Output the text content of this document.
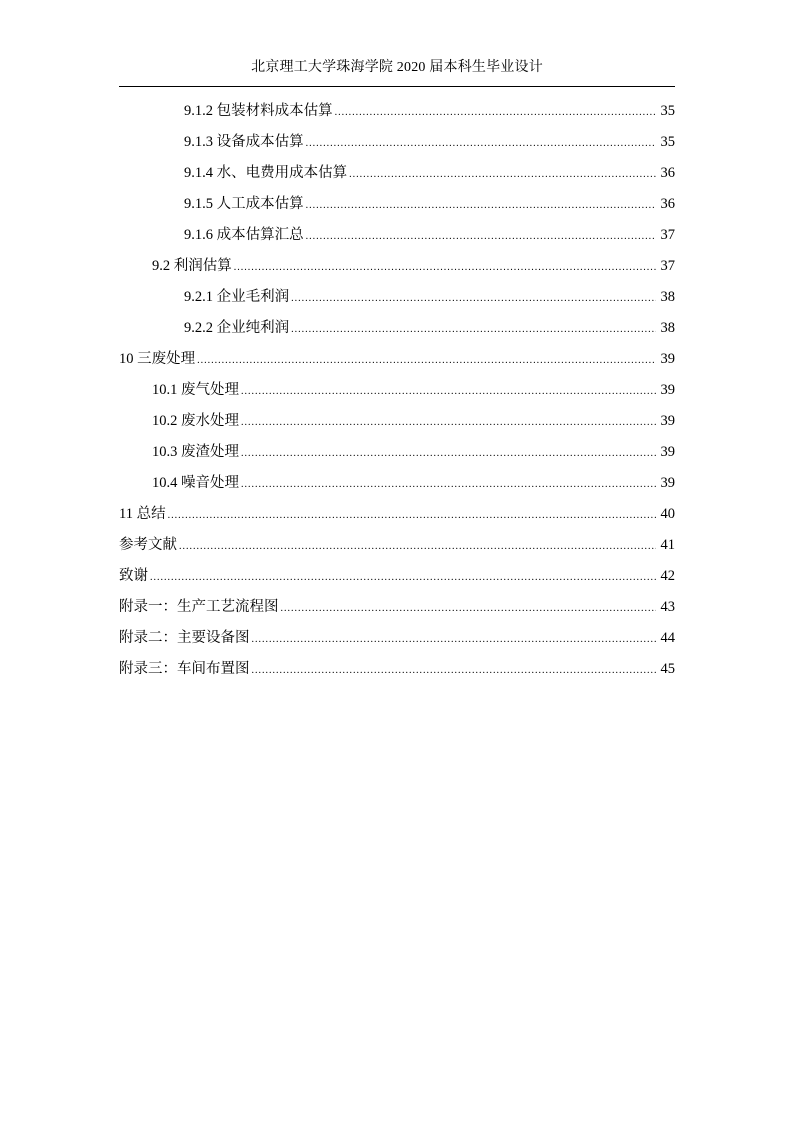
北京理工大学珠海学院 2020 届本科生毕业设计
9.1.2 包装材料成本估算 .....	35
9.1.3 设备成本估算 .....	35
9.1.4 水、电费用成本估算 .....	36
9.1.5 人工成本估算 .....	36
9.1.6 成本估算汇总 .....	37
9.2 利润估算 .....	37
9.2.1 企业毛利润 .....	38
9.2.2 企业纯利润 .....	38
10 三废处理 .....	39
10.1 废气处理 .....	39
10.2 废水处理 .....	39
10.3 废渣处理 .....	39
10.4 噪音处理 .....	39
11 总结 .....	40
参考文献 .....	41
致谢 .....	42
附录一：生产工艺流程图 .....	43
附录二：主要设备图 .....	44
附录三：车间布置图 .....	45
